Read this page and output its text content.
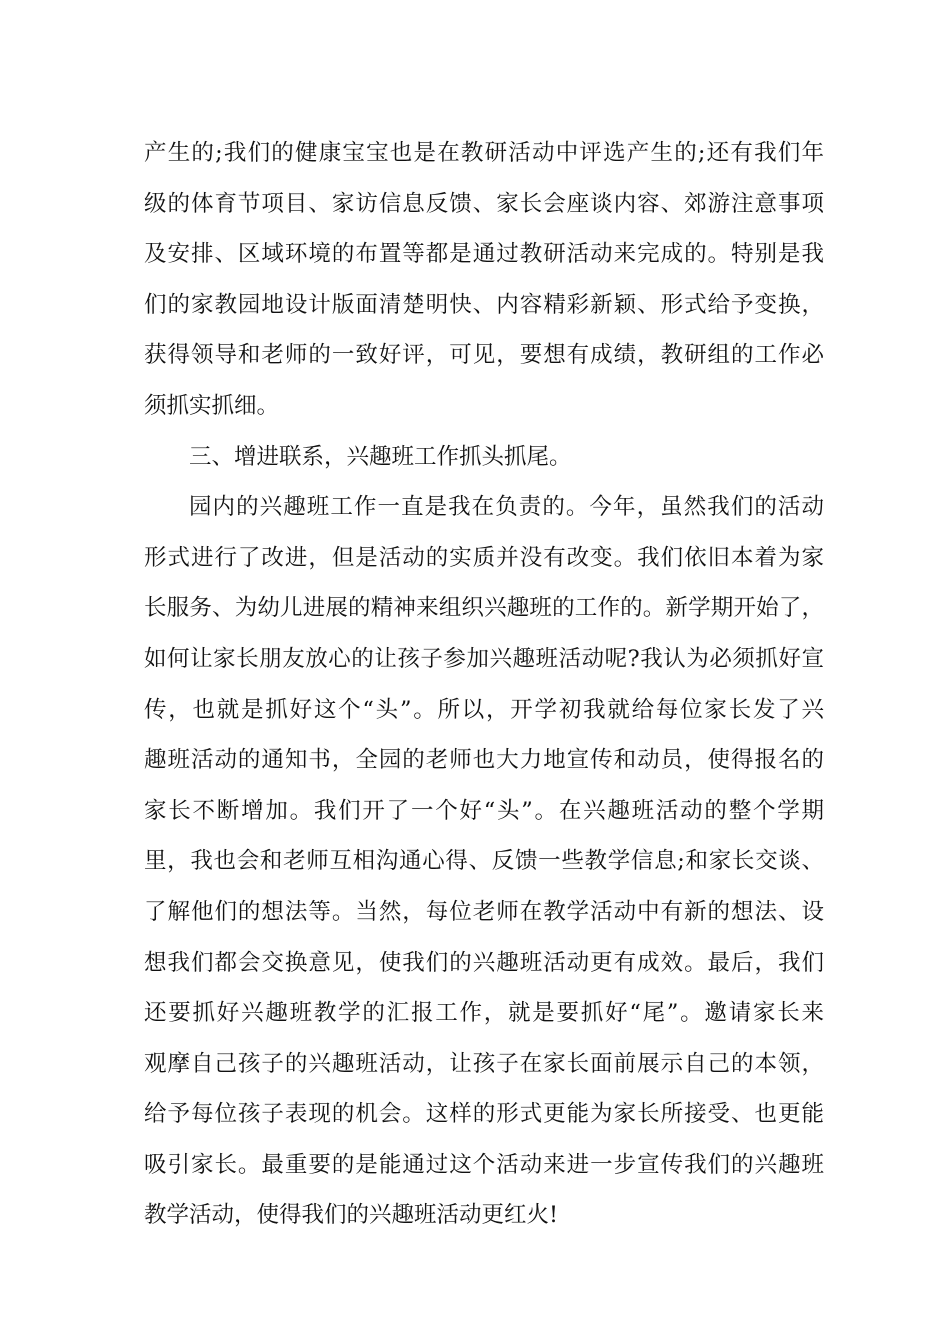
产生的;我们的健康宝宝也是在教研活动中评选产生的;还有我们年
级的体育节项目、家访信息反馈、家长会座谈内容、郊游注意事项
及安排、区域环境的布置等都是通过教研活动来完成的。特别是我
们的家教园地设计版面清楚明快、内容精彩新颖、形式给予变换，
获得领导和老师的一致好评，可见，要想有成绩，教研组的工作必
须抓实抓细。
三、增进联系，兴趣班工作抓头抓尾。
园内的兴趣班工作一直是我在负责的。今年，虽然我们的活动
形式进行了改进，但是活动的实质并没有改变。我们依旧本着为家
长服务、为幼儿进展的精神来组织兴趣班的工作的。新学期开始了，
如何让家长朋友放心的让孩子参加兴趣班活动呢?我认为必须抓好宣
传，也就是抓好这个“头”。所以，开学初我就给每位家长发了兴
趣班活动的通知书，全园的老师也大力地宣传和动员，使得报名的
家长不断增加。我们开了一个好“头”。在兴趣班活动的整个学期
里，我也会和老师互相沟通心得、反馈一些教学信息;和家长交谈、
了解他们的想法等。当然，每位老师在教学活动中有新的想法、设
想我们都会交换意见，使我们的兴趣班活动更有成效。最后，我们
还要抓好兴趣班教学的汇报工作，就是要抓好“尾”。邀请家长来
观摩自己孩子的兴趣班活动，让孩子在家长面前展示自己的本领，
给予每位孩子表现的机会。这样的形式更能为家长所接受、也更能
吸引家长。最重要的是能通过这个活动来进一步宣传我们的兴趣班
教学活动，使得我们的兴趣班活动更红火!
